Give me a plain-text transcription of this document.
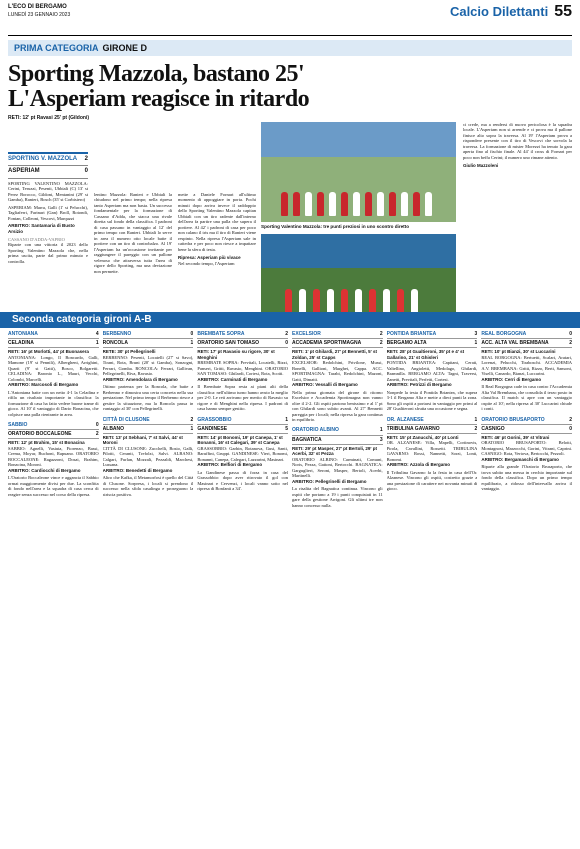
L'ECO DI BERGAMO
LUNEDÌ 23 GENNAIO 2023	Calcio Dilettanti 55
PRIMA CATEGORIA GIRONE D
Sporting Mazzola, bastano 25'
L'Asperiam reagisce in ritardo
RETI: 12' pt Ravasi 25' pt (Gildoni)
SPORTING V. MAZZOLA 2
ASPERIAM	0

SPORTING VALENTINO MAZZOLA: Cerini, Teruzzi, Pesenti, Ubbiali (C) 13' st Perez Borocco, Gildoni, Mentanini (29' st Gamba), Ranieri, Bosch (35' st Corbisiero)

ASPERIAM: Marra, Galli (1' st Pelucchi), Tagliaferri, Farinari (Gan) Broll, Rotondi, Fontan, Colleoni, Vescovi, Marquzzi

ARBITRO: Santamaria di Busto Arsizio

CASSANO D'ADDA-VAPRIO

Riparte con una vittoria il 2023 dello Sporting Valentino Mazzola che, nella prima uscita, parte dal primo minuto e controlla.

lentino Mazzola: Ranieri e Ubbiali la chiudono nel primo tempo; nella ripresa tanto Asperiam ma non basta. Un successo fondamentale per la formazione di Cassano d'Adda, che stacca una rivale diretta sul fondo della classifica. I padroni di casa passano in vantaggio al 12' del primo tempo con Ranieri. Ubbiali lo serve in area il numero otto locale batte il portiere con un tiro di controbalzo. Al 19' l'Asperiam ha un'occasione invitante per raggiungere il pareggio con un pallone velenoso che attraversa tutta l'area di rigore dello Sporting, ma una deviazione non permette.

mette a Daniele Fornari all'ultimo momento di appoggiare in porta. Pochi minuti dopo arriva invece il raddoppio dello Sporting Valentino Mazzola capitan Ubbiali con un tiro radente dall'interno dell'area fa partire una palla che supera il portiere. Al 42' i padroni di casa per poco non calano il tris ma il tiro di Ranieri viene respinto. Nella ripresa l'Asperiam sale in cattedra e per poco non riesce a impattare bene la sfera di testa.

Ripresa: Asperiam più vivace

Nel secondo tempo, l'Asperiam

Sporting Valentino Mazzola: tre punti preziosi in uno scontro diretto

ci crede, ma a rendersi di nuovo pericolosa è la squadra locale. L'Asperiam non si arrende e ci prova ma il pallone finisce alto sopra la traversa. Al 19' l'Asperiam prova a rispondere presente con il tiro di Vescovi che sorvola la traversa. La formazione di mister Morezzi ha tenuto la gara aperta fino al fischio finale. Al 44' il cross di Fornari per poco non beffa Cerini; il numero uno rimane attento.

Giulio Mazzoleni

Seconda categoria gironi A-B
ANTONIANA	4
CELADINA	1

RETI: 16' pt Morlotti, 44' pt Buonasera

ANTONIANA: Longo, Il Boncardo, Galli, Mamone (19' st Pennili), Albergheni, Arrighini, Quarti (9' st Gatti), Bosco, Bolgaretti. CELADINA: Baronio L., Mauri, Vecchi, Colombi, Marcelli.

ARBITRO: Marcosoli di Bergamo

L'Antoniana batte con un netto 4-1 la Celadina e rifila un risultato importante in classifica: la formazione di casa ha fatto vedere buone trame di gioco. Al 10' il vantaggio di Dario Bonacina, che colpisce una palla rientrante in area.

SABBIO	0
ORATORIO BOCCALEONE	2

RETI: 12' pt Brahim, 15' st Bonacina

SABBIO: Agnelli, Vasiuta, Fiorenzo, Bassi, Crema, Moyur, Buchoni, Rapuano. ORATORIO BOCCALEONE: Ragazzoni, Dosai, Brahim, Bonacina, Moroni.

ARBITRO: Cardiocchi di Bergamo

L'Oratorio Boccaleone vince e aggancia il Sabbio ormai maggiormente divisi per due. La sconfitta di fondo nell'area e la squadra di casa cerca di reagire senza successo nel corso della ripresa.

BERBENNO	0
RONCOLA	1

RETE: 30' pt Pellegrinelli

BERBENNO: Pesenti, Locatelli (27' st Savo), Tirani, Rota, Bruni (20' st Gamba), Sonzogni, Ferrari, Gomba. RONCOLA: Ferrari, Gallivan, Pellegrinelli, Riva, Ravasio.

ARBITRO: Amendolara di Bergamo

Ottimo partenza per la Roncola, che batte a Berbenno e dimostra una certa concreta nella sua prestazione. Nel primo tempo il Berbenno riesce a gestire la situazione, ma la Roncola passa in vantaggio al 30' con Pellegrinelli.

CITTÀ DI CLUSONE	2
ALBANO	1

RETI: 13' pt Sebhani, 7' st Salvi, 44' st Moroni

CITTÀ DI CLUSONE: Zucchelli, Bosio, Galli, Pilotti, Ceranti, Trefolzi, Salvi. ALBANO: Calgari, Furlan, Mozzali, Pezzaldi, Marchesi, Lussana.

ARBITRO: Benedetti di Bergamo

Altro che Kafka, il Metamorfosi è quello del Città di Clusone. Sorpresa, i locali si prendono il successo nella sfida casalinga e proseguono la striscia positiva.

BREMBATE SOPRA	2
ORATORIO SAN TOMASO	0

RETI: 17' pt Ravasio su rigore, 30' st Menghini

BREMBATE SOPRA: Previtali, Locatelli, Rizzi, Panseri, Gritti, Ravasio, Menghini. ORATORIO SAN TOMASO: Ghilardi, Cortesi, Rota, Scotti.

ARBITRO: Carminati di Bergamo

Il Brembate Sopra resta ai piani alti della classifica: nell'ultimo turno hanno avuto la meglio per 2-0. Le reti arrivano per merito di Ravasio su rigore e di Menghini nella ripresa. I padroni di casa hanno sempre gestito.

GRASSOBBIO	1
GANDINESE	5

RETI: 14' pt Bonomi, 19' pt Canepa, 1' st Bonanni, 16' st Calegari, 39' st Canepa

GRASSOBBIO: Garbin, Rotanova, Gusi, Santi, Baruffini, Gruppi. GANDINESE: Vieri, Bonomi, Bonanni, Canepa, Calegari, Lazzarini, Masinari.

ARBITRO: Belfiori di Bergamo

La Gandinese passa di forza in casa del Grassobbio: dopo aver ritrovato il gol con Masinari e Cervenzi, i locali vanno sotto nel ripresa di Bonfanti a 34'.

EXCELSIOR	2
ACCADEMIA SPORTIMAGNA	2

RETI: 1' pt Ghilardi, 27' pt Bennetti, 5' st Zoldan, 25' st Capps

EXCELSIOR: Redolchini, Privilone, Mussi, Bonelli, Gallioni, Marghei, Cappa. ACC. SPORTIMAGNA: Tarabi, Redolchini, Mazoni, Gatti, Dimatti.

ARBITRO: Vessalli di Bergamo

Nella prima giornata del girone di ritorno Excelsior e Accademia Sportimagna non vanno oltre il 2-2. Gli ospiti partono benissimo e al 1' pt con Ghilardi sono subito avanti. Al 27' Bennetti pareggia per i locali; nella ripresa la gara continua in equilibrio.

ORATORIO ALBINO	1
BAGNATICA	3

RETI: 29' pt Masper, 27' pt Bertoli, 29' pt Acerbi, 32' st Pezza

ORATORIO ALBINO: Carminati, Comuni, Noris, Pezza, Gattoni, Bertocchi. BAGNATICA: Garguglieri, Seroni, Masper, Bertoli, Acerbi, Martinelli.

ARBITRO: Pellegrinelli di Bergamo

La risalita del Bagnatica continua. Vincono gli ospiti che portano a 19 i punti conquistati in 11 gare della gestione Arrigoni. Gli ultimi tre non hanno concesso nulla.

PONTIDA BRIANTEA	3
BERGAMO ALTA	1

RETI: 28' pt Gualtieroni, 35' pt e 4' st Gallarino, 21' st Ghisleri

PONTIDA BRIANTEA: Capitani, Cerati, Valtellino, Angioletti, Medolago, Ghilardi, Bramnilla. BERGAMO ALTA: Tagni, Traversi, Zanetti, Previtali, Perfetti, Cortesi.

ARBITRO: Petrizzi di Bergamo

Nonpede la testa il Pontida Briantea, che supera 3-1 il Bergamo Alta e mette a dieci punti la zona. Sono gli ospiti a portarsi in vantaggio per primi al 28' Gualtieroni sfrutta una occasione e segna.

OR. ALZANESE	1
TRIBULINA GAVARNO	2

RETI: 15' pt Zanucchi, 40' pt Lonti

OR. ALZANESE: Villa, Mapelli, Cortinovis, Pirola, Cavallini, Rossetti. TRIBULINA GAVARNO: Rossi, Nannetti, Sorzi, Lonti, Bonomi.

ARBITRO: Azzola di Bergamo

Il Tribulina Gavarno fa la festa in casa dell'Or. Alzanese. Vincono gli ospiti, costretto grazie a una prestazione di carattere nei novanta minuti di gioco.

REAL BORGOGNA	0
ACC. ALTA VAL BREMBANA	2

RETI: 10' pt Bianzi, 30' st Luccarini

REAL BORGOGNA: Bertuetti, Scalari, Aratari, Lorenzi, Pelucchi, Tiraboschi. ACCADEMIA A.V. BREMBANA: Gritti, Rizzo, Berti, Sansoni, Viselli, Canardo, Bianzi, Luccarini.

ARBITRO: Cerri di Bergamo

Il Real Borgogna cade in casa contro l'Accademia Alta Val Brembana, che consolida il terzo posto in classifica. Il match si apre con un vantaggio ospite al 10'; nella ripresa al 30' Luccarini chiude i conti.

ORATORIO BRUSAPORTO	2
CASNIGO	0

RETI: 46' pt Gorini, 39' st Vitrani

ORATORIO BRUSAPORTO: Belotti, Montagnosi, Marzocchi, Gorini, Vitrani, Caprini. CASNIGO: Rota, Vertova, Bertocchi, Pezzoli.

ARBITRO: Bergamaschi di Bergamo

Riparte alla grande l'Oratorio Brusaporto, che trova subito una messa in cerchio importante sul fondo della classifica. Dopo un primo tempo equilibrato, a ridosso dell'intervallo arriva il vantaggio.
